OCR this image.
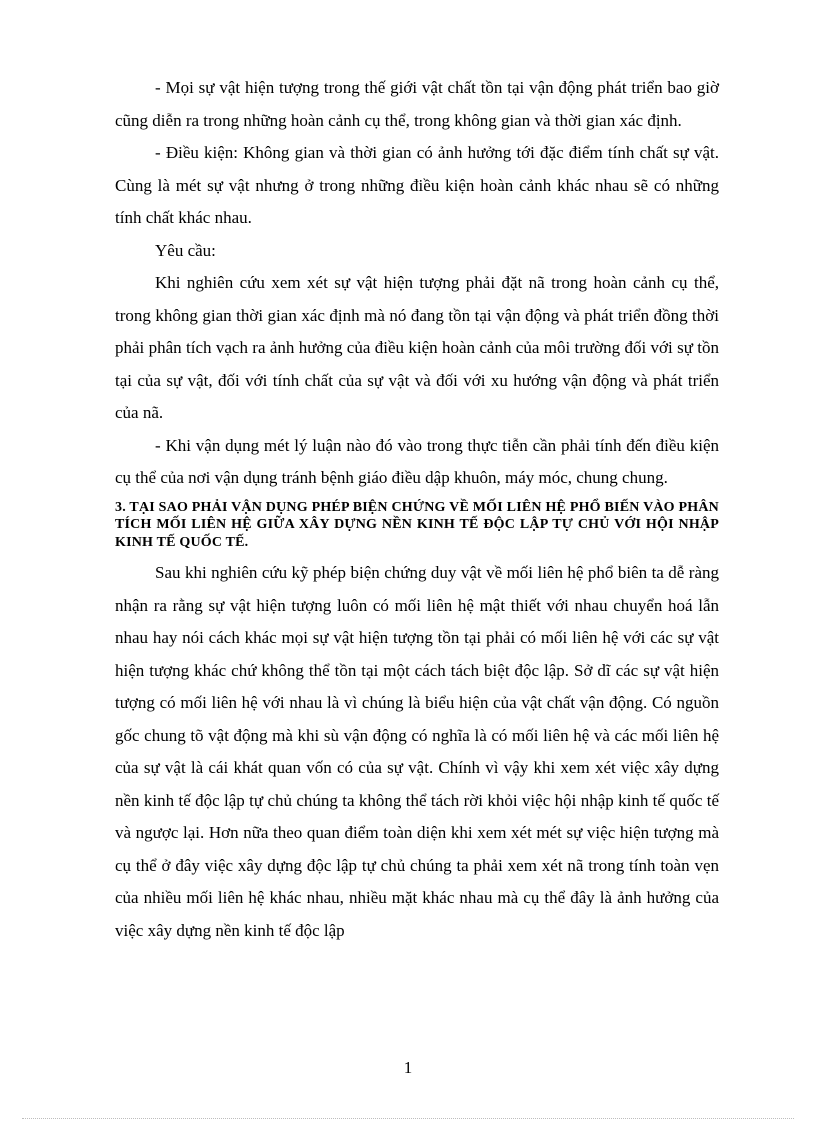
- Mọi sự vật hiện tượng trong thế giới vật chất tồn tại vận động phát triển bao giờ cũng diễn ra trong những hoàn cảnh cụ thể, trong không gian và thời gian xác định.

- Điều kiện: Không gian và thời gian có ảnh hưởng tới đặc điểm tính chất sự vật. Cùng là mét sự vật nhưng ở trong những điều kiện hoàn cảnh khác nhau sẽ có những tính chất khác nhau.

Yêu cầu:

Khi nghiên cứu xem xét sự vật hiện tượng phải đặt nã trong hoàn cảnh cụ thể, trong không gian thời gian xác định mà nó đang tồn tại vận động và phát triển đồng thời phải phân tích vạch ra ảnh hưởng của điều kiện hoàn cảnh của môi trường đối với sự tồn tại của sự vật, đối với tính chất của sự vật và đối với xu hướng vận động và phát triển của nã.

- Khi vận dụng mét lý luận nào đó vào trong thực tiễn cần phải tính đến điều kiện cụ thể của nơi vận dụng tránh bệnh giáo điều dập khuôn, máy móc, chung chung.

3. TẠI SAO PHẢI VẬN DỤNG PHÉP BIỆN CHỨNG VỀ MỐI LIÊN HỆ PHỔ BIẾN VÀO PHÂN TÍCH MỐI LIÊN HỆ GIỮA XÂY DỰNG NỀN KINH TẾ ĐỘC LẬP TỰ CHỦ VỚI HỘI NHẬP KINH TẾ QUỐC TẾ.

Sau khi nghiên cứu kỹ phép biện chứng duy vật về mối liên hệ phổ biên ta dễ ràng nhận ra rằng sự vật hiện tượng luôn có mối liên hệ mật thiết với nhau chuyển hoá lẫn nhau hay nói cách khác mọi sự vật hiện tượng tồn tại phải có mối liên hệ với các sự vật hiện tượng khác chứ không thể tồn tại một cách tách biệt độc lập. Sở dĩ các sự vật hiện tượng có mối liên hệ với nhau là vì chúng là biểu hiện của vật chất vận động. Có nguồn gốc chung tõ vật động mà khi sù vận động có nghĩa là có mối liên hệ và các mối liên hệ của sự vật là cái khát quan vốn có của sự vật. Chính vì vậy khi xem xét việc xây dựng nền kinh tế độc lập tự chủ chúng ta không thể tách rời khỏi việc hội nhập kinh tế quốc tế và ngược lại. Hơn nữa theo quan điểm toàn diện khi xem xét mét sự việc hiện tượng mà cụ thể ở đây việc xây dựng độc lập tự chủ chúng ta phải xem xét nã trong tính toàn vẹn của nhiều mối liên hệ khác nhau, nhiều mặt khác nhau mà cụ thể đây là ảnh hưởng của việc xây dựng nền kinh tế độc lập

1
